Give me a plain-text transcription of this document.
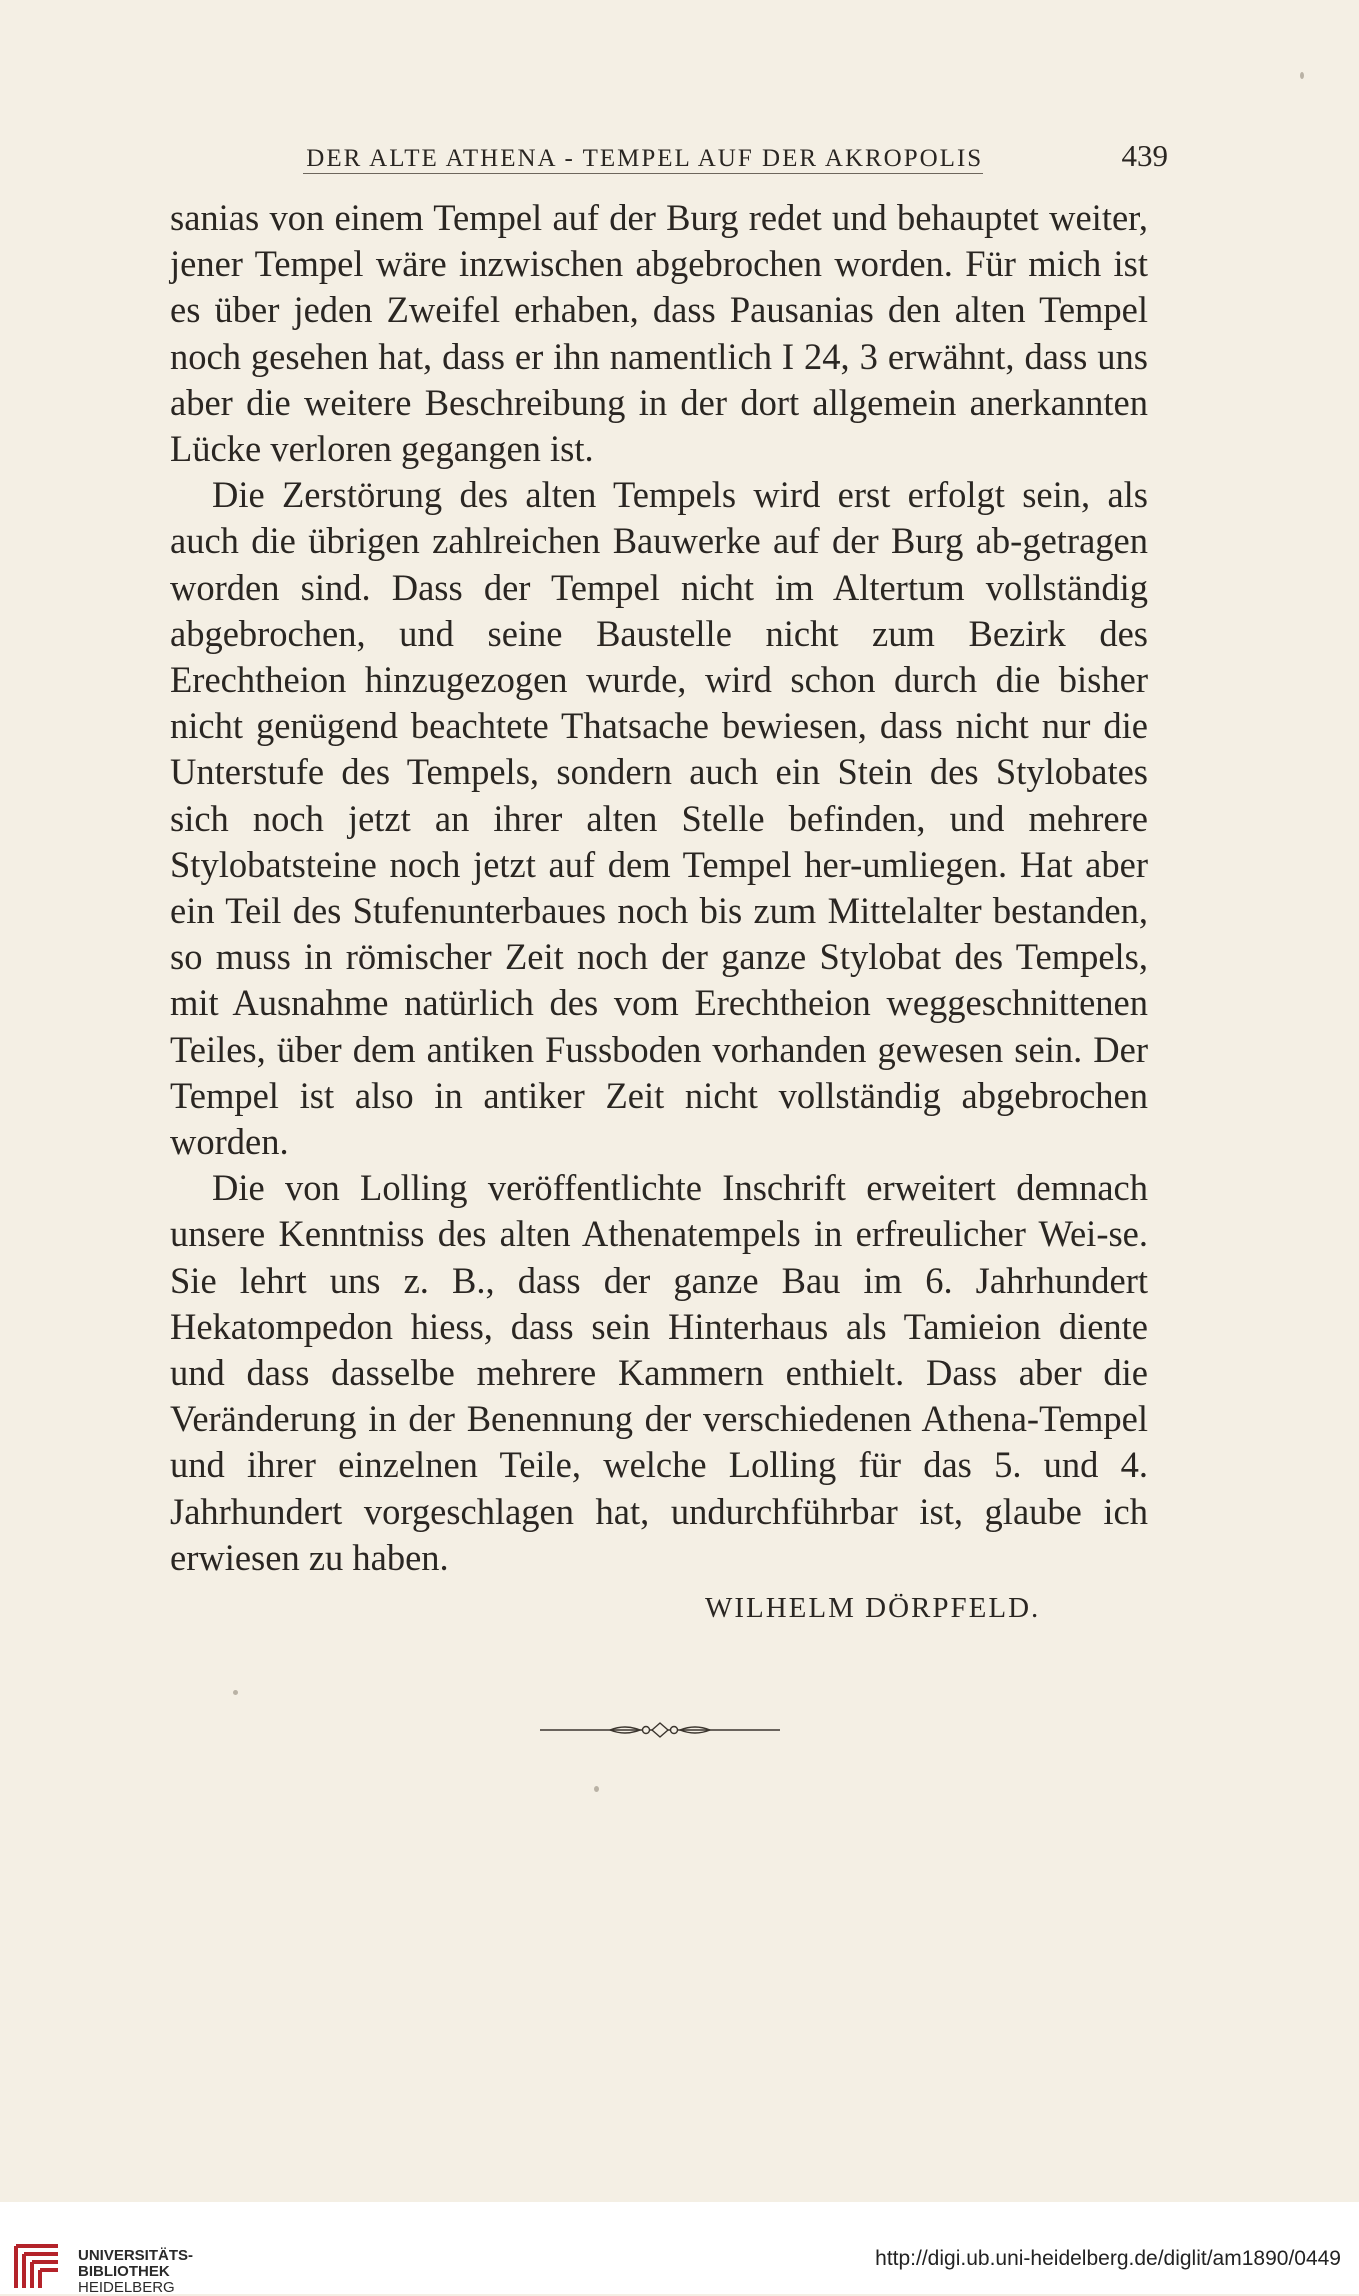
DER ALTE ATHENA - TEMPEL AUF DER AKROPOLIS	439

sanias von einem Tempel auf der Burg redet und behauptet weiter, jener Tempel wäre inzwischen abgebrochen worden. Für mich ist es über jeden Zweifel erhaben, dass Pausanias den alten Tempel noch gesehen hat, dass er ihn namentlich I 24, 3 erwähnt, dass uns aber die weitere Beschreibung in der dort allgemein anerkannten Lücke verloren gegangen ist.

Die Zerstörung des alten Tempels wird erst erfolgt sein, als auch die übrigen zahlreichen Bauwerke auf der Burg ab-getragen worden sind. Dass der Tempel nicht im Altertum vollständig abgebrochen, und seine Baustelle nicht zum Bezirk des Erechtheion hinzugezogen wurde, wird schon durch die bisher nicht genügend beachtete Thatsache bewiesen, dass nicht nur die Unterstufe des Tempels, sondern auch ein Stein des Stylobates sich noch jetzt an ihrer alten Stelle befinden, und mehrere Stylobatsteine noch jetzt auf dem Tempel her-umliegen. Hat aber ein Teil des Stufenunterbaues noch bis zum Mittelalter bestanden, so muss in römischer Zeit noch der ganze Stylobat des Tempels, mit Ausnahme natürlich des vom Erechtheion weggeschnittenen Teiles, über dem antiken Fussboden vorhanden gewesen sein. Der Tempel ist also in antiker Zeit nicht vollständig abgebrochen worden.

Die von Lolling veröffentlichte Inschrift erweitert demnach unsere Kenntniss des alten Athenatempels in erfreulicher Wei-se. Sie lehrt uns z. B., dass der ganze Bau im 6. Jahrhundert Hekatompedon hiess, dass sein Hinterhaus als Tamieion diente und dass dasselbe mehrere Kammern enthielt. Dass aber die Veränderung in der Benennung der verschiedenen Athena-Tempel und ihrer einzelnen Teile, welche Lolling für das 5. und 4. Jahrhundert vorgeschlagen hat, undurchführbar ist, glaube ich erwiesen zu haben.

WILHELM DÖRPFELD.
UNIVERSITÄTS-
BIBLIOTHEK
HEIDELBERG
http://digi.ub.uni-heidelberg.de/diglit/am1890/0449
